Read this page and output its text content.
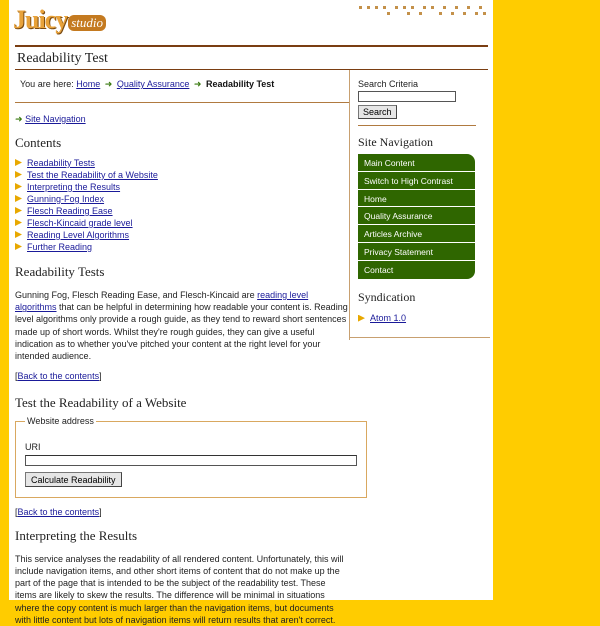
Juicy studio
Readability Test
You are here: Home ➜ Quality Assurance ➜ Readability Test
➜ Site Navigation
Contents
Readability Tests
Test the Readability of a Website
Interpreting the Results
Gunning-Fog Index
Flesch Reading Ease
Flesch-Kincaid grade level
Reading Level Algorithms
Further Reading
Readability Tests

Gunning Fog, Flesch Reading Ease, and Flesch-Kincaid are reading level algorithms that can be helpful in determining how readable your content is. Reading level algorithms only provide a rough guide, as they tend to reward short sentences made up of short words. Whilst they're rough guides, they can give a useful indication as to whether you've pitched your content at the right level for your intended audience.

[Back to the contents]

Test the Readability of a Website
Website address
URI
Calculate Readability

[Back to the contents]

Interpreting the Results

This service analyses the readability of all rendered content. Unfortunately, this will include navigation items, and other short items of content that do not make up the part of the page that is intended to be the subject of the readability test. These items are likely to skew the results. The difference will be minimal in situations where the copy content is much larger than the navigation items, but documents with little content but lots of navigation items will return results that aren't correct.

Search Criteria
Search
Site Navigation
Main Content
Switch to High Contrast
Home
Quality Assurance
Articles Archive
Privacy Statement
Contact
Syndication
Atom 1.0
